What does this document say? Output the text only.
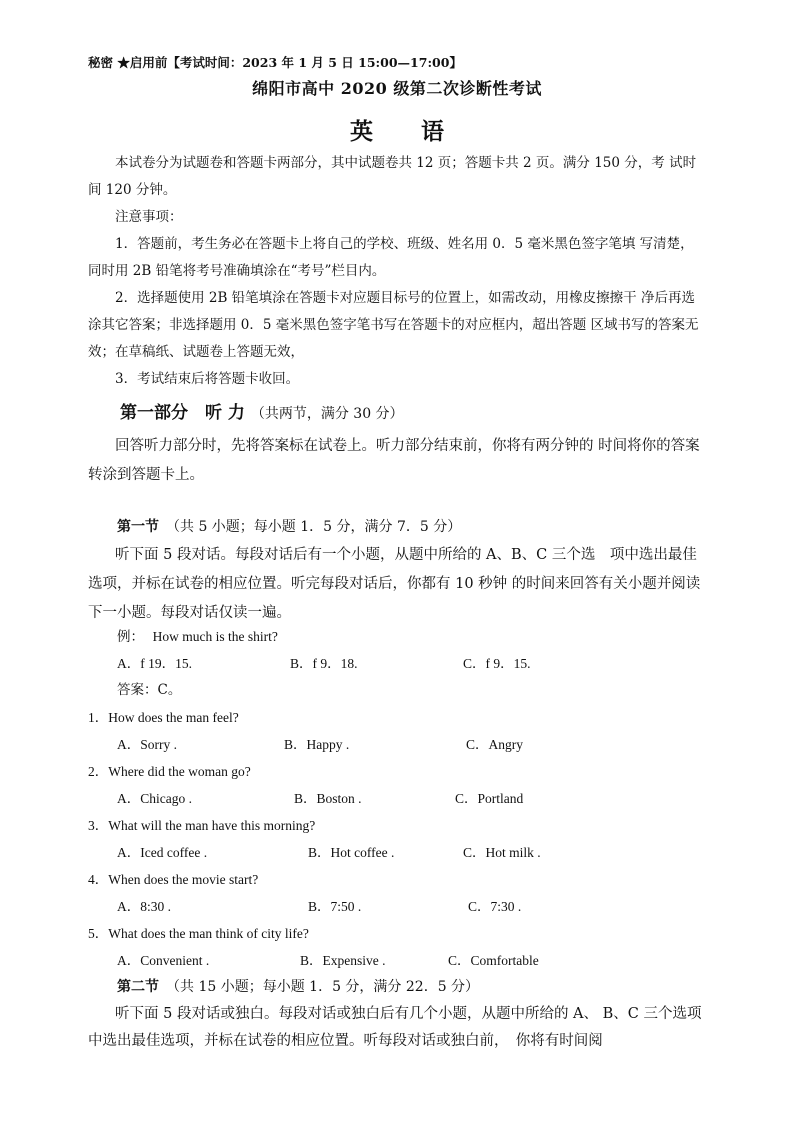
秘密 ★启用前【考试时间：2023 年 1 月 5 日 15:00—17:00】
绵阳市高中 2020 级第二次诊断性考试
英 语
本试卷分为试题卷和答题卡两部分，其中试题卷共 12 页；答题卡共 2 页。满分 150 分，考 试时间 120 分钟。
注意事项：
1．答题前，考生务必在答题卡上将自己的学校、班级、姓名用 0．5 毫米黑色签字笔填 写清楚，同时用 2B 铅笔将考号准确填涂在“考号”栏目内。
2．选择题使用 2B 铅笔填涂在答题卡对应题目标号的位置上，如需改动，用橡皮擦擦干 净后再选涂其它答案；非选择题用 0．5 毫米黑色签字笔书写在答题卡的对应框内，超出答题 区域书写的答案无效；在草稿纸、试题卷上答题无效，
3．考试结束后将答题卡收回。
第一部分　听 力 （共两节，满分 30 分）
回答听力部分时，先将答案标在试卷上。听力部分结束前，你将有两分钟的 时间将你的答案转涂到答题卡上。
第一节　（共 5 小题；每小题 1．5 分，满分 7．5 分）
听下面 5 段对话。每段对话后有一个小题，从题中所给的 A、B、C 三个选　项中选出最佳选项，并标在试卷的相应位置。听完每段对话后，你都有 10 秒钟 的时间来回答有关小题并阅读下一小题。每段对话仅读一遍。
例： How much is the shirt?
A．f 19．15.	B．f 9．18.	C．f 9．15.
答案：C。
1．How does the man feel?
A．Sorry .	B．Happy .	C．Angry
2．Where did the woman go?
A．Chicago .	B．Boston .	C．Portland
3．What will the man have this morning?
A．Iced coffee .	B．Hot coffee .	C．Hot milk .
4．When does the movie start?
A．8:30 .	B．7:50 .	C．7:30 .
5．What does the man think of city life?
A．Convenient .	B．Expensive .	C．Comfortable
第二节　（共 15 小题；每小题 1．5 分，满分 22．5 分）
听下面 5 段对话或独白。每段对话或独白后有几个小题，从题中所给的 A、 B、C 三个选项中选出最佳选项，并标在试卷的相应位置。听每段对话或独白前，　你将有时间阅
